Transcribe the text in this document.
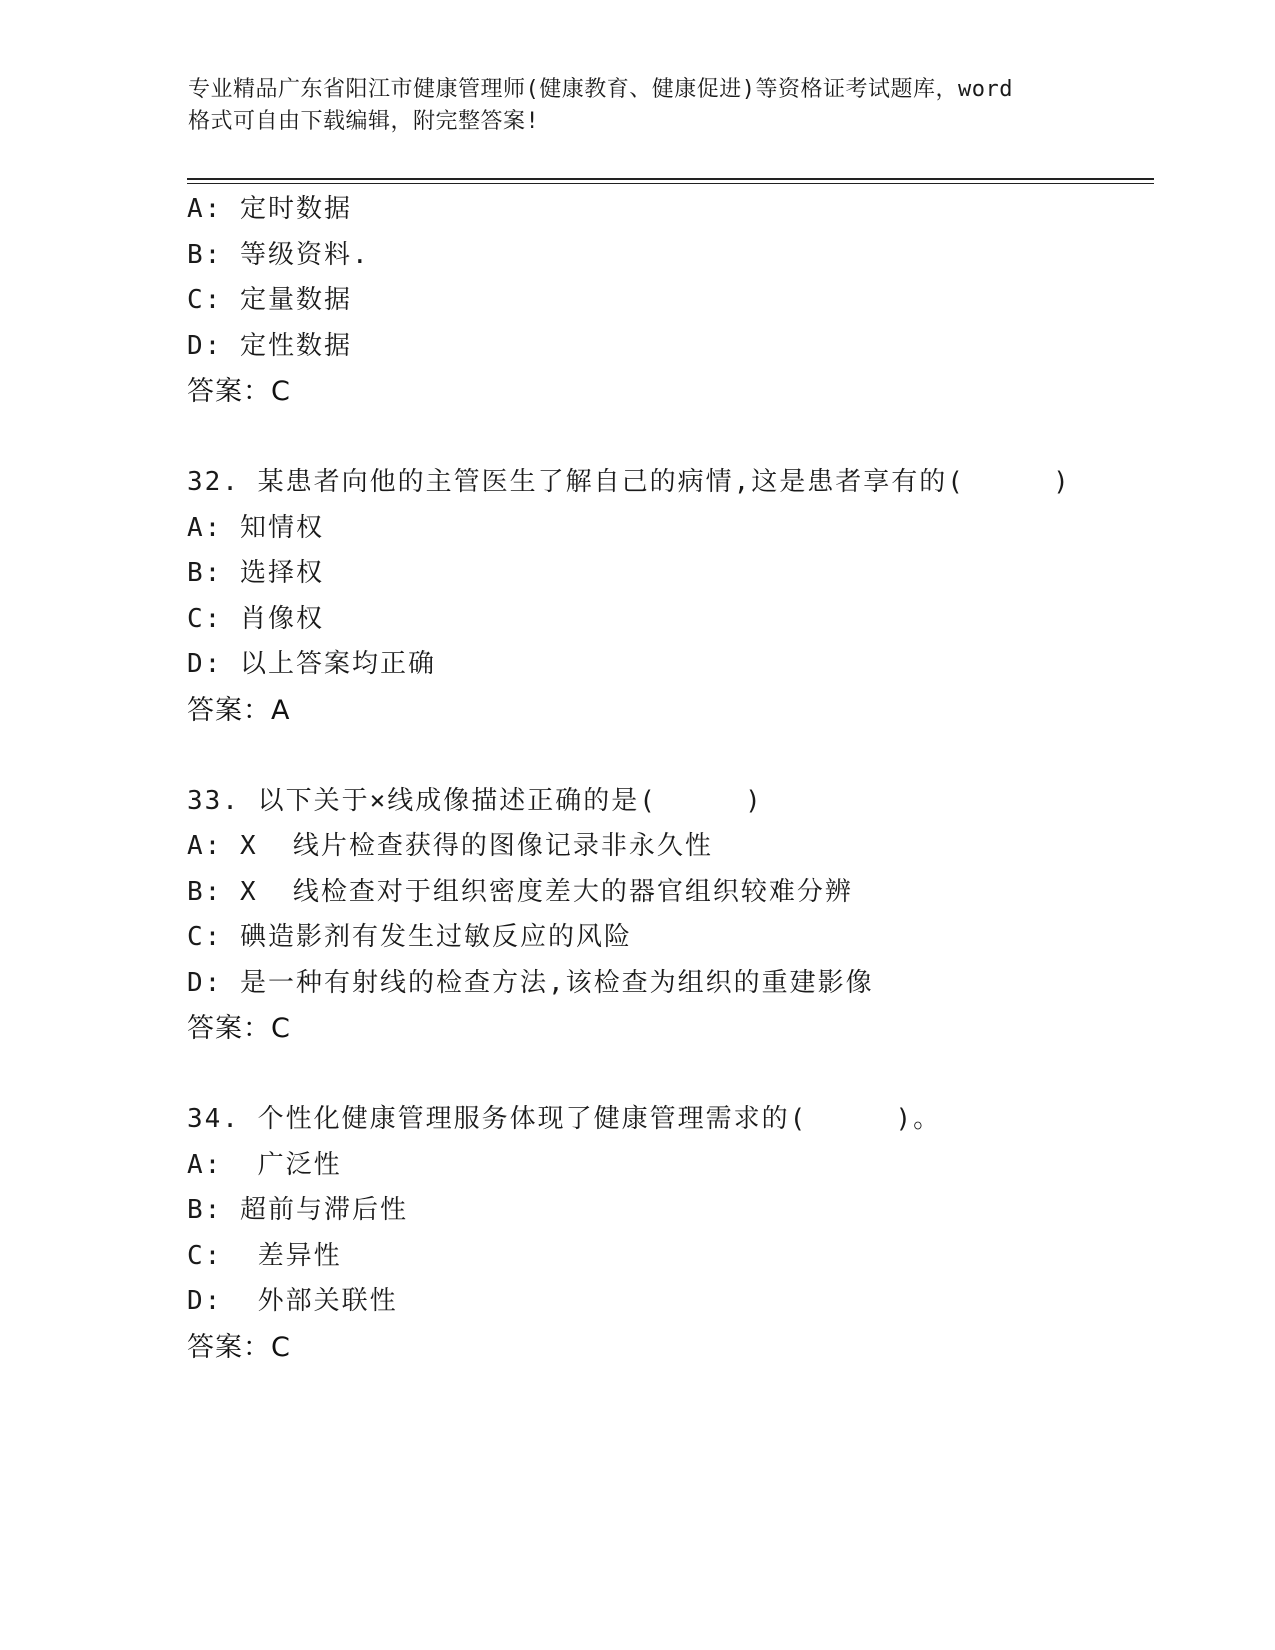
专业精品广东省阳江市健康管理师(健康教育、健康促进)等资格证考试题库，word
格式可自由下载编辑，附完整答案!
A: 定时数据
B: 等级资料.
C: 定量数据
D: 定性数据
答案：C
32. 某患者向他的主管医生了解自己的病情,这是患者享有的(     )
A: 知情权
B: 选择权
C: 肖像权
D: 以上答案均正确
答案：A
33. 以下关于×线成像描述正确的是(     )
A: X  线片检查获得的图像记录非永久性
B: X  线检查对于组织密度差大的器官组织较难分辨
C: 碘造影剂有发生过敏反应的风险
D: 是一种有射线的检查方法,该检查为组织的重建影像
答案：C
34. 个性化健康管理服务体现了健康管理需求的(     )。
A:  广泛性
B: 超前与滞后性
C:  差异性
D:  外部关联性
答案：C
